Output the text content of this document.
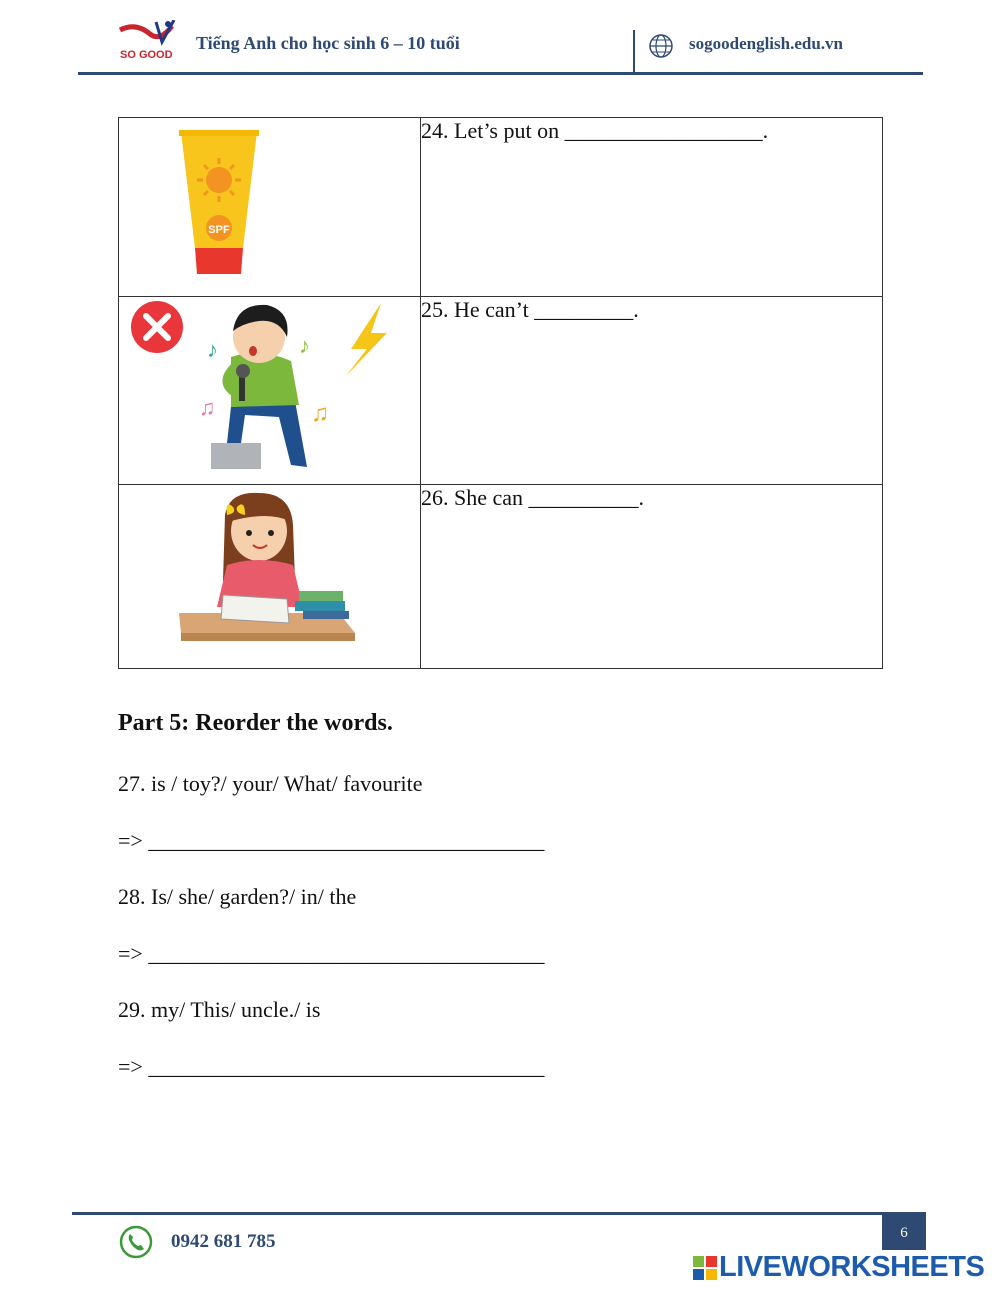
SO GOOD
Tiếng Anh cho học sinh 6 – 10 tuổi	sogoodenglish.edu.vn
SPF	24. Let’s put on __________________.

♪
♫
♪
♫	25. He can’t _________.

	26. She can __________.
Part 5: Reorder the words.
27. is / toy?/ your/ What/ favourite
=> ____________________________________
28. Is/ she/ garden?/ in/ the
=> ____________________________________
29. my/ This/ uncle./ is
=> ____________________________________
6
0942 681 785
LIVEWORKSHEETS
